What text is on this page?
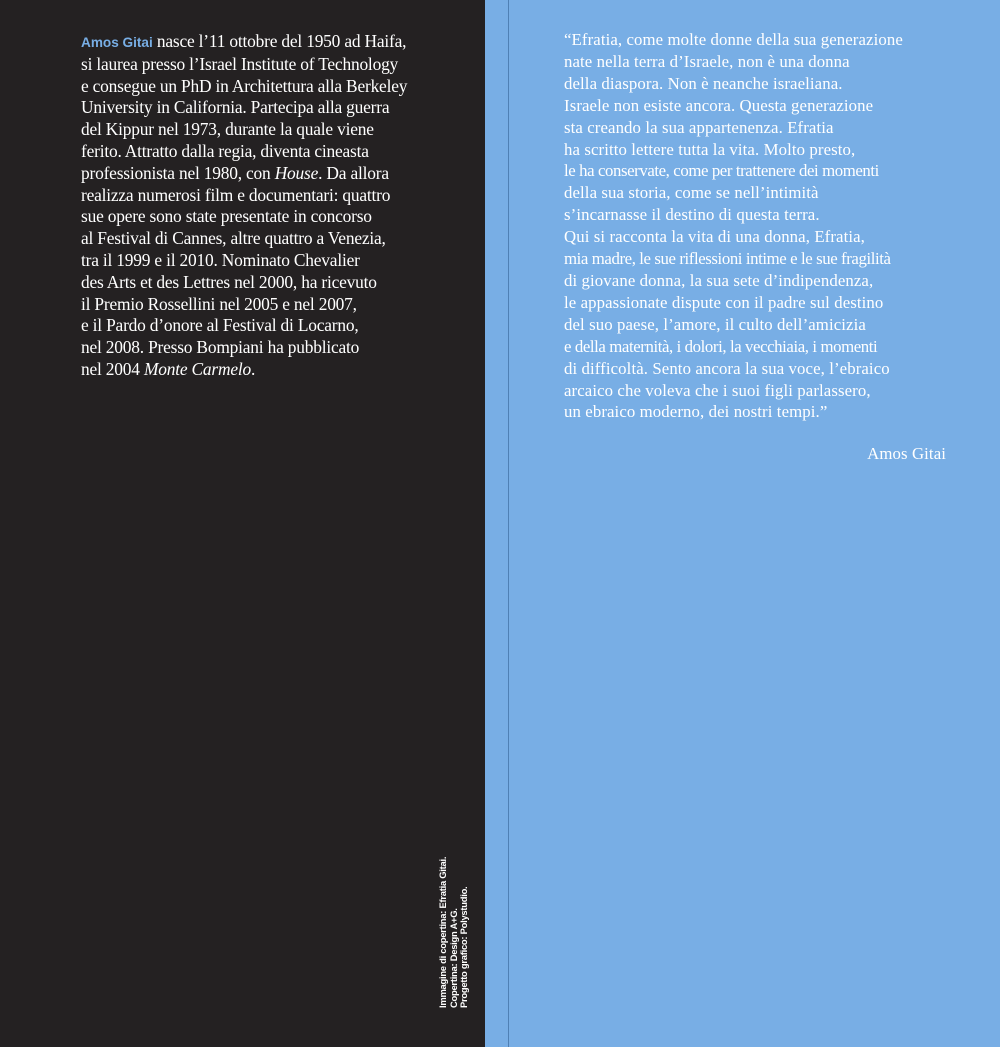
Amos Gitai nasce l’11 ottobre del 1950 ad Haifa,
si laurea presso l’Israel Institute of Technology
e consegue un PhD in Architettura alla Berkeley
University in California. Partecipa alla guerra
del Kippur nel 1973, durante la quale viene
ferito. Attratto dalla regia, diventa cineasta
professionista nel 1980, con House. Da allora
realizza numerosi film e documentari: quattro
sue opere sono state presentate in concorso
al Festival di Cannes, altre quattro a Venezia,
tra il 1999 e il 2010. Nominato Chevalier
des Arts et des Lettres nel 2000, ha ricevuto
il Premio Rossellini nel 2005 e nel 2007,
e il Pardo d’onore al Festival di Locarno,
nel 2008. Presso Bompiani ha pubblicato
nel 2004 Monte Carmelo.

Immagine di copertina: Efratia Gitai. Copertina: Design A+G. Progetto grafico: Polystudio.

“Efratia, come molte donne della sua generazione
nate nella terra d’Israele, non è una donna
della diaspora. Non è neanche israeliana.
Israele non esiste ancora. Questa generazione
sta creando la sua appartenenza. Efratia
ha scritto lettere tutta la vita. Molto presto,
le ha conservate, come per trattenere dei momenti
della sua storia, come se nell’intimità
s’incarnasse il destino di questa terra.
Qui si racconta la vita di una donna, Efratia,
mia madre, le sue riflessioni intime e le sue fragilità
di giovane donna, la sua sete d’indipendenza,
le appassionate dispute con il padre sul destino
del suo paese, l’amore, il culto dell’amicizia
e della maternità, i dolori, la vecchiaia, i momenti
di difficoltà. Sento ancora la sua voce, l’ebraico
arcaico che voleva che i suoi figli parlassero,
un ebraico moderno, dei nostri tempi.”

Amos Gitai
